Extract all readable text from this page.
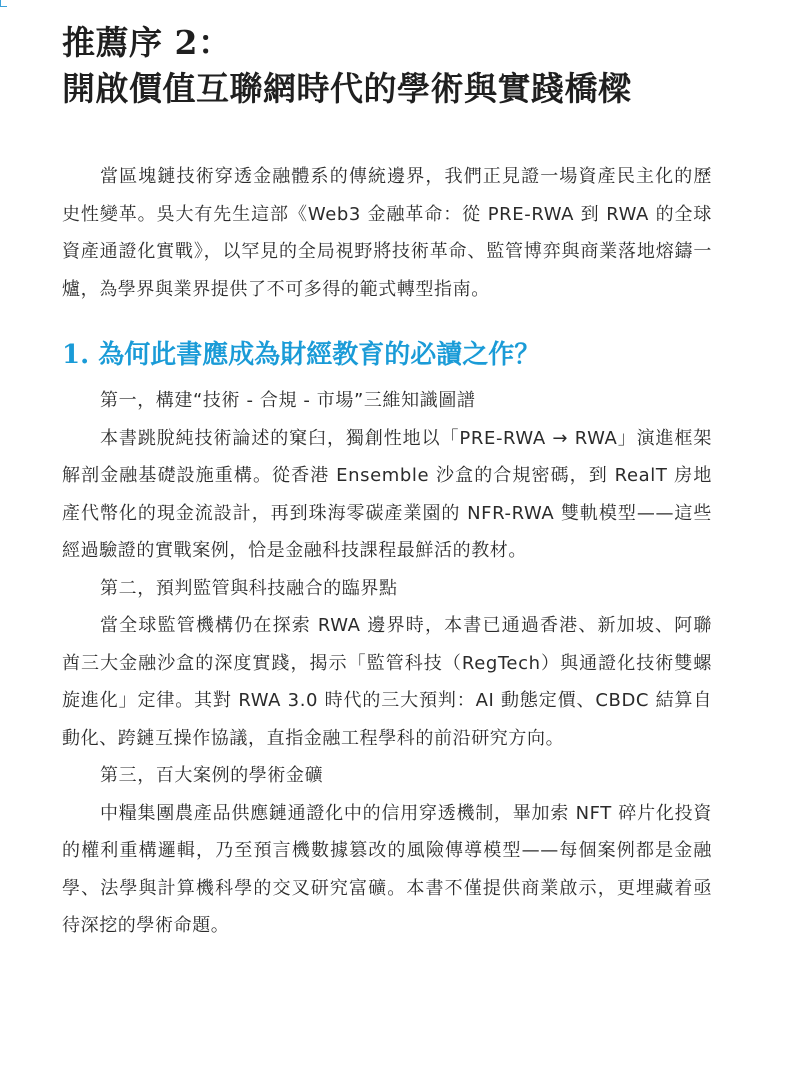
推薦序 2：
開啟價值互聯網時代的學術與實踐橋樑

當區塊鏈技術穿透金融體系的傳統邊界，我們正見證一場資產民主化的歷史性變革。吳大有先生這部《Web3 金融革命：從 PRE-RWA 到 RWA 的全球資產通證化實戰》，以罕見的全局視野將技術革命、監管博弈與商業落地熔鑄一爐，為學界與業界提供了不可多得的範式轉型指南。

1. 為何此書應成為財經教育的必讀之作？

第一，構建“技術 - 合規 - 市場”三維知識圖譜

本書跳脫純技術論述的窠臼，獨創性地以「PRE-RWA → RWA」演進框架解剖金融基礎設施重構。從香港 Ensemble 沙盒的合規密碼，到 RealT 房地產代幣化的現金流設計，再到珠海零碳產業園的 NFR-RWA 雙軌模型——這些經過驗證的實戰案例，恰是金融科技課程最鮮活的教材。

第二，預判監管與科技融合的臨界點

當全球監管機構仍在探索 RWA 邊界時，本書已通過香港、新加坡、阿聯酋三大金融沙盒的深度實踐，揭示「監管科技（RegTech）與通證化技術雙螺旋進化」定律。其對 RWA 3.0 時代的三大預判：AI 動態定價、CBDC 結算自動化、跨鏈互操作協議，直指金融工程學科的前沿研究方向。

第三，百大案例的學術金礦

中糧集團農產品供應鏈通證化中的信用穿透機制，畢加索 NFT 碎片化投資的權利重構邏輯，乃至預言機數據篡改的風險傳導模型——每個案例都是金融學、法學與計算機科學的交叉研究富礦。本書不僅提供商業啟示，更埋藏着亟待深挖的學術命題。
